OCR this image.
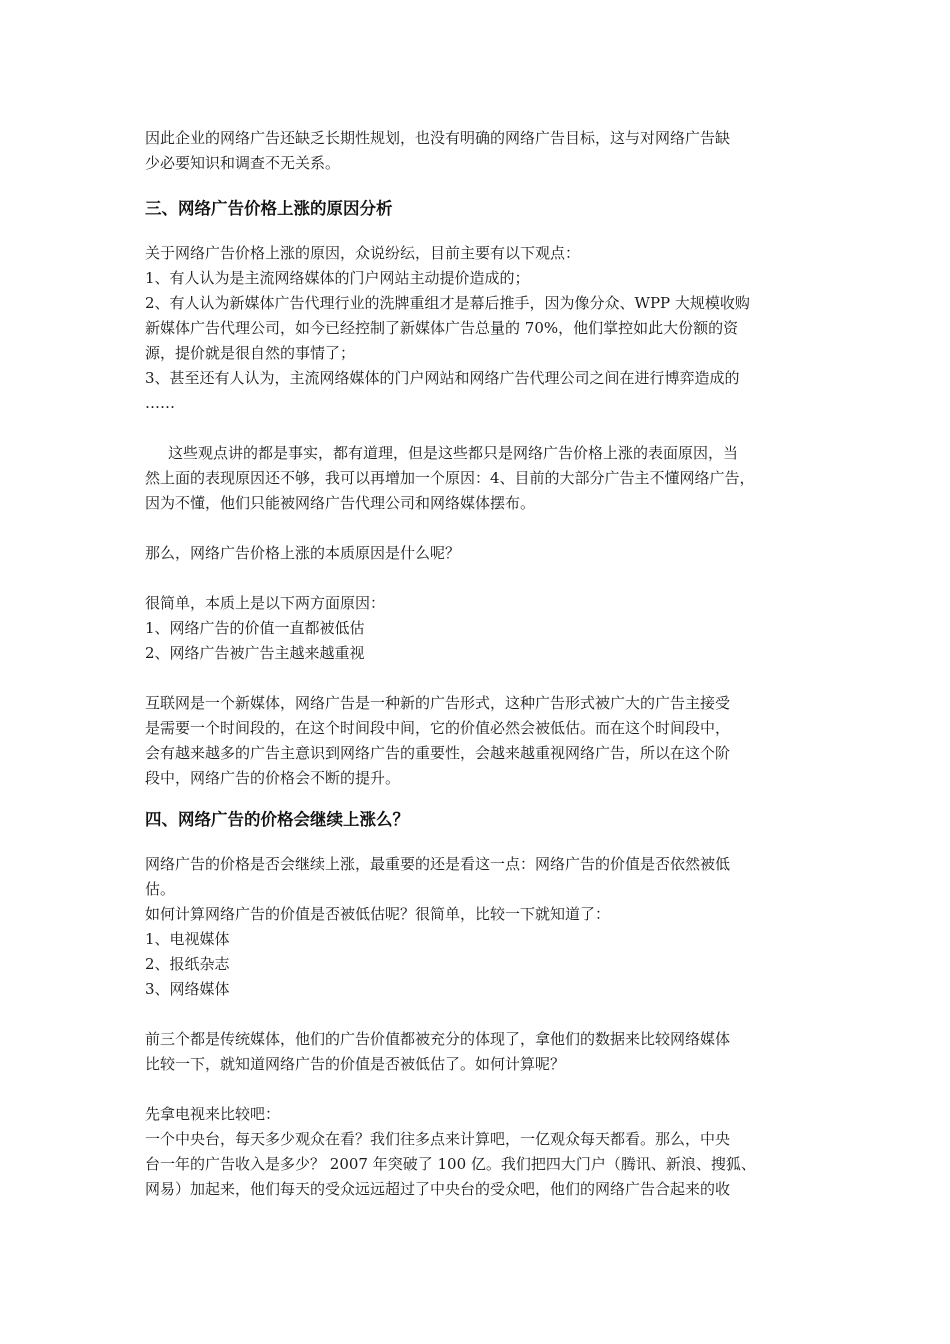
因此企业的网络广告还缺乏长期性规划，也没有明确的网络广告目标，这与对网络广告缺
少必要知识和调查不无关系。
三、网络广告价格上涨的原因分析
关于网络广告价格上涨的原因，众说纷纭，目前主要有以下观点：
1、有人认为是主流网络媒体的门户网站主动提价造成的；
2、有人认为新媒体广告代理行业的洗牌重组才是幕后推手，因为像分众、WPP 大规模收购
新媒体广告代理公司，如今已经控制了新媒体广告总量的 70%，他们掌控如此大份额的资
源，提价就是很自然的事情了；
3、甚至还有人认为，主流网络媒体的门户网站和网络广告代理公司之间在进行博弈造成的
……
这些观点讲的都是事实，都有道理，但是这些都只是网络广告价格上涨的表面原因，当
然上面的表现原因还不够，我可以再增加一个原因：4、目前的大部分广告主不懂网络广告，
因为不懂，他们只能被网络广告代理公司和网络媒体摆布。
那么，网络广告价格上涨的本质原因是什么呢？
很简单，本质上是以下两方面原因：
1、网络广告的价值一直都被低估
2、网络广告被广告主越来越重视
互联网是一个新媒体，网络广告是一种新的广告形式，这种广告形式被广大的广告主接受
是需要一个时间段的，在这个时间段中间，它的价值必然会被低估。而在这个时间段中，
会有越来越多的广告主意识到网络广告的重要性，会越来越重视网络广告，所以在这个阶
段中，网络广告的价格会不断的提升。
四、网络广告的价格会继续上涨么？
网络广告的价格是否会继续上涨，最重要的还是看这一点：网络广告的价值是否依然被低
估。
如何计算网络广告的价值是否被低估呢？很简单，比较一下就知道了：
1、电视媒体
2、报纸杂志
3、网络媒体
前三个都是传统媒体，他们的广告价值都被充分的体现了，拿他们的数据来比较网络媒体
比较一下，就知道网络广告的价值是否被低估了。如何计算呢？
先拿电视来比较吧：
一个中央台，每天多少观众在看？我们往多点来计算吧，一亿观众每天都看。那么，中央
台一年的广告收入是多少？ 2007 年突破了 100 亿。我们把四大门户（腾讯、新浪、搜狐、
网易）加起来，他们每天的受众远远超过了中央台的受众吧，他们的网络广告合起来的收
